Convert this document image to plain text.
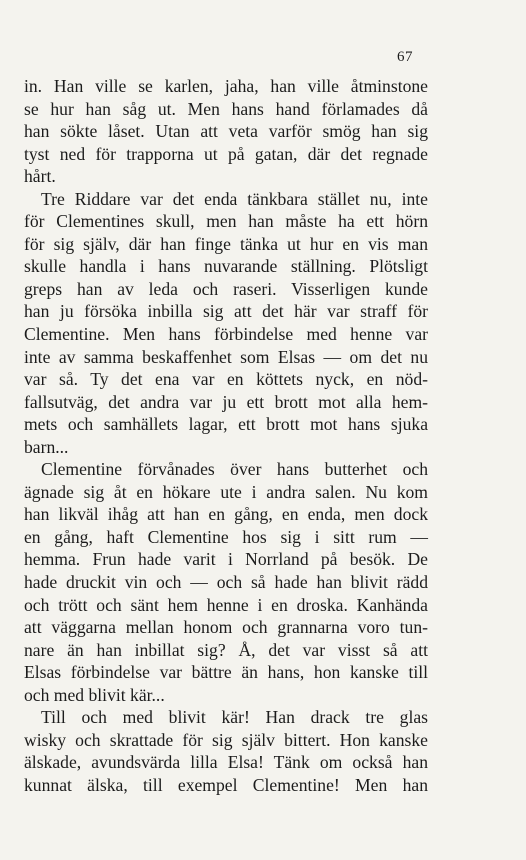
67
in. Han ville se karlen, jaha, han ville åtminstone
se hur han såg ut. Men hans hand förlamades då
han sökte låset. Utan att veta varför smög han sig
tyst ned för trapporna ut på gatan, där det regnade
hårt.
Tre Riddare var det enda tänkbara stället nu, inte
för Clementines skull, men han måste ha ett hörn
för sig själv, där han finge tänka ut hur en vis man
skulle handla i hans nuvarande ställning. Plötsligt
greps han av leda och raseri. Visserligen kunde
han ju försöka inbilla sig att det här var straff för
Clementine. Men hans förbindelse med henne var
inte av samma beskaffenhet som Elsas — om det nu
var så. Ty det ena var en köttets nyck, en nöd-
fallsutväg, det andra var ju ett brott mot alla hem-
mets och samhällets lagar, ett brott mot hans sjuka
barn...
Clementine förvånades över hans butterhet och
ägnade sig åt en hökare ute i andra salen. Nu kom
han likväl ihåg att han en gång, en enda, men dock
en gång, haft Clementine hos sig i sitt rum —
hemma. Frun hade varit i Norrland på besök. De
hade druckit vin och — och så hade han blivit rädd
och trött och sänt hem henne i en droska. Kanhända
att väggarna mellan honom och grannarna voro tun-
nare än han inbillat sig? Å, det var visst så att
Elsas förbindelse var bättre än hans, hon kanske till
och med blivit kär...
Till och med blivit kär! Han drack tre glas
wisky och skrattade för sig själv bittert. Hon kanske
älskade, avundsvärda lilla Elsa! Tänk om också han
kunnat älska, till exempel Clementine! Men han
